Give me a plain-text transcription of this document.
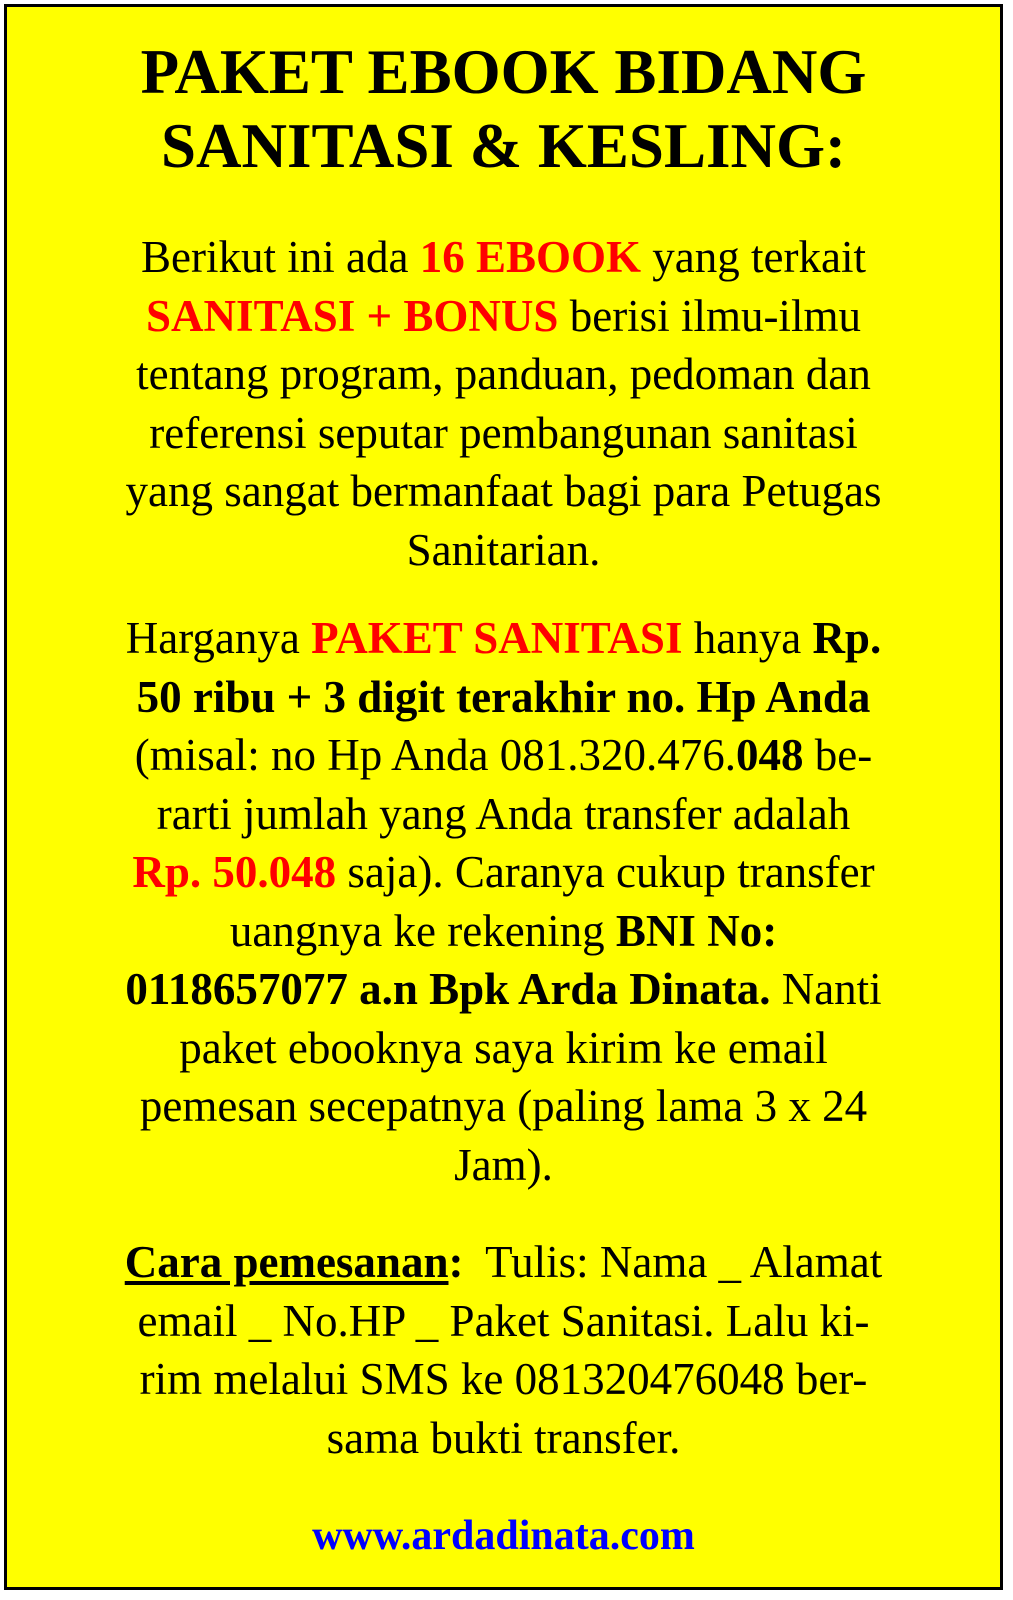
PAKET EBOOK BIDANG
SANITASI & KESLING:

Berikut ini ada 16 EBOOK yang terkait
SANITASI + BONUS berisi ilmu-ilmu
tentang program, panduan, pedoman dan
referensi seputar pembangunan sanitasi
yang sangat bermanfaat bagi para Petugas
Sanitarian.

Harganya PAKET SANITASI hanya Rp.
50 ribu + 3 digit terakhir no. Hp Anda
(misal: no Hp Anda 081.320.476.048 be-
rarti jumlah yang Anda transfer adalah
Rp. 50.048 saja). Caranya cukup transfer
uangnya ke rekening BNI No:
0118657077 a.n Bpk Arda Dinata. Nanti
paket ebooknya saya kirim ke email
pemesan secepatnya (paling lama 3 x 24
Jam).

Cara pemesanan:  Tulis: Nama _ Alamat
email _ No.HP _ Paket Sanitasi. Lalu ki-
rim melalui SMS ke 081320476048 ber-
sama bukti transfer.

www.ardadinata.com
